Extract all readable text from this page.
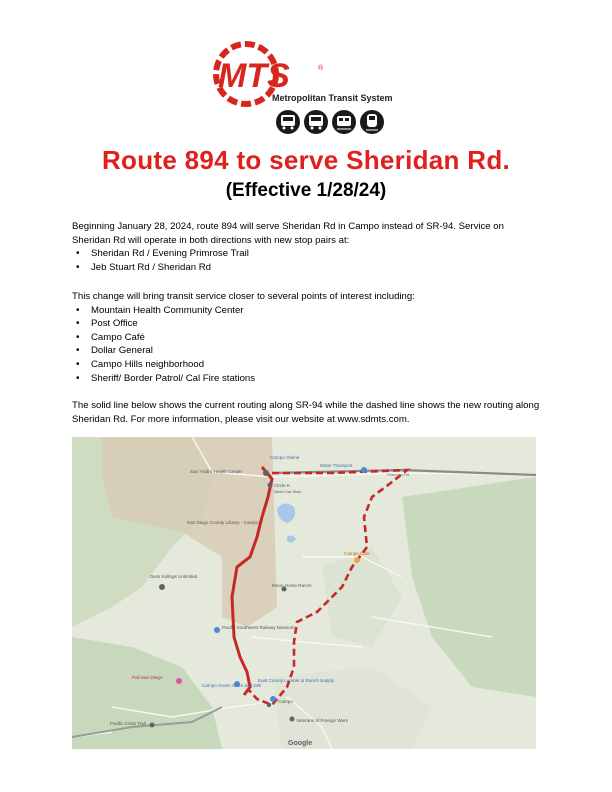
MTS	®
Metropolitan Transit System
Route 894 to serve Sheridan Rd.
(Effective 1/28/24)
Beginning January 28, 2024, route 894 will serve Sheridan Rd in Campo instead of SR-94. Service on Sheridan Rd will operate in both directions with new stop pairs at:
• Sheridan Rd / Evening Primrose Trail
• Jeb Stuart Rd / Sheridan Rd
This change will bring transit service closer to several points of interest including:
• Mountain Health Community Center
• Post Office
• Campo Café
• Dollar General
• Campo Hills neighborhood
• Sheriff/ Border Patrol/ Cal Fire stations
The solid line below shows the current routing along SR-94 while the dashed line shows the new routing along Sheridan Rd. For more information, please visit our website at www.sdmts.com.
Campo Online
San Ysidro Health Center
Circle K
Diesel Gas Store
Motor Transport
San Diego County Library - Campo
Deck Kollogs Unlimited
Campo Cafe
Moon Horse Ranch
Pacific Southwest Railway Museum
Pali San Diego
Campo Green Store and Deli
East County Lumber & Ranch Supply
Campo
Veterans of Foreign Wars
Pacific Crest Trail
Sheridan Rd
Google
